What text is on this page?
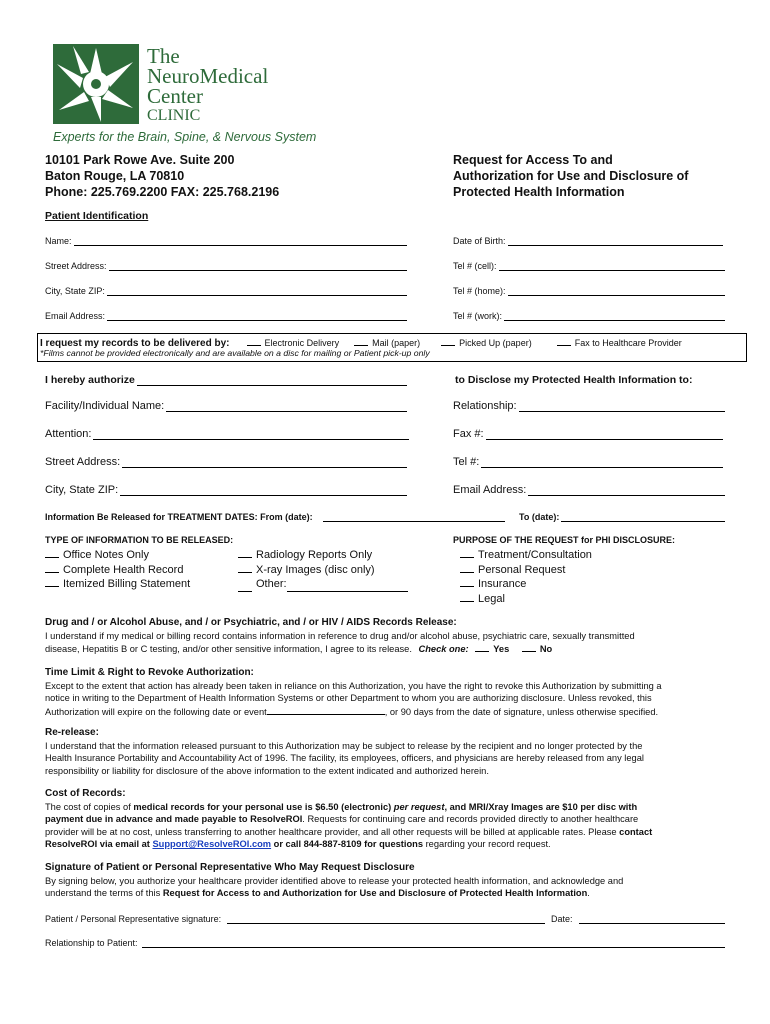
The
NeuroMedical
Center
CLINIC
Experts for the Brain, Spine, & Nervous System
10101 Park Rowe Ave. Suite 200
Baton Rouge, LA 70810
Phone: 225.769.2200 FAX: 225.768.2196
Request for Access To and
Authorization for Use and Disclosure of
Protected Health Information
Patient Identification
Name:	Date of Birth:
Street Address:	Tel # (cell):
City, State ZIP:	Tel # (home):
Email Address:	Tel # (work):
I request my records to be delivered by:	Electronic Delivery	Mail (paper)	Picked Up (paper)	Fax to Healthcare Provider
*Films cannot be provided electronically and are available on a disc for mailing or Patient pick-up only
I hereby authorize	to Disclose my Protected Health Information to:
Facility/Individual Name:	Relationship:
Attention:	Fax #:
Street Address:	Tel #:
City, State ZIP:	Email Address:
Information Be Released for TREATMENT DATES: From (date):	To (date):
TYPE OF INFORMATION TO BE RELEASED:
Office Notes Only
Complete Health Record
Itemized Billing Statement
Radiology Reports Only
X-ray Images (disc only)
Other:
PURPOSE OF THE REQUEST for PHI DISCLOSURE:
Treatment/Consultation
Personal Request
Insurance
Legal
Drug and / or Alcohol Abuse, and / or Psychiatric, and / or HIV / AIDS Records Release:
I understand if my medical or billing record contains information in reference to drug and/or alcohol abuse, psychiatric care, sexually transmitted
disease, Hepatitis B or C testing, and/or other sensitive information, I agree to its release. Check one:	Yes	No
Time Limit & Right to Revoke Authorization:
Except to the extent that action has already been taken in reliance on this Authorization, you have the right to revoke this Authorization by submitting a
notice in writing to the Department of Health Information Systems or other Department to whom you are authorizing disclosure. Unless revoked, this
Authorization will expire on the following date or event	, or 90 days from the date of signature, unless otherwise specified.
Re-release:
I understand that the information released pursuant to this Authorization may be subject to release by the recipient and no longer protected by the
Health Insurance Portability and Accountability Act of 1996. The facility, its employees, officers, and physicians are hereby released from any legal
responsibility or liability for disclosure of the above information to the extent indicated and authorized herein.
Cost of Records:
The cost of copies of medical records for your personal use is $6.50 (electronic) per request, and MRI/Xray Images are $10 per disc with
payment due in advance and made payable to ResolveROI. Requests for continuing care and records provided directly to another healthcare
provider will be at no cost, unless transferring to another healthcare provider, and all other requests will be billed at applicable rates. Please contact
ResolveROI via email at Support@ResolveROI.com or call 844-887-8109 for questions regarding your record request.
Signature of Patient or Personal Representative Who May Request Disclosure
By signing below, you authorize your healthcare provider identified above to release your protected health information, and acknowledge and
understand the terms of this Request for Access to and Authorization for Use and Disclosure of Protected Health Information.
Patient / Personal Representative signature:	Date:
Relationship to Patient:
